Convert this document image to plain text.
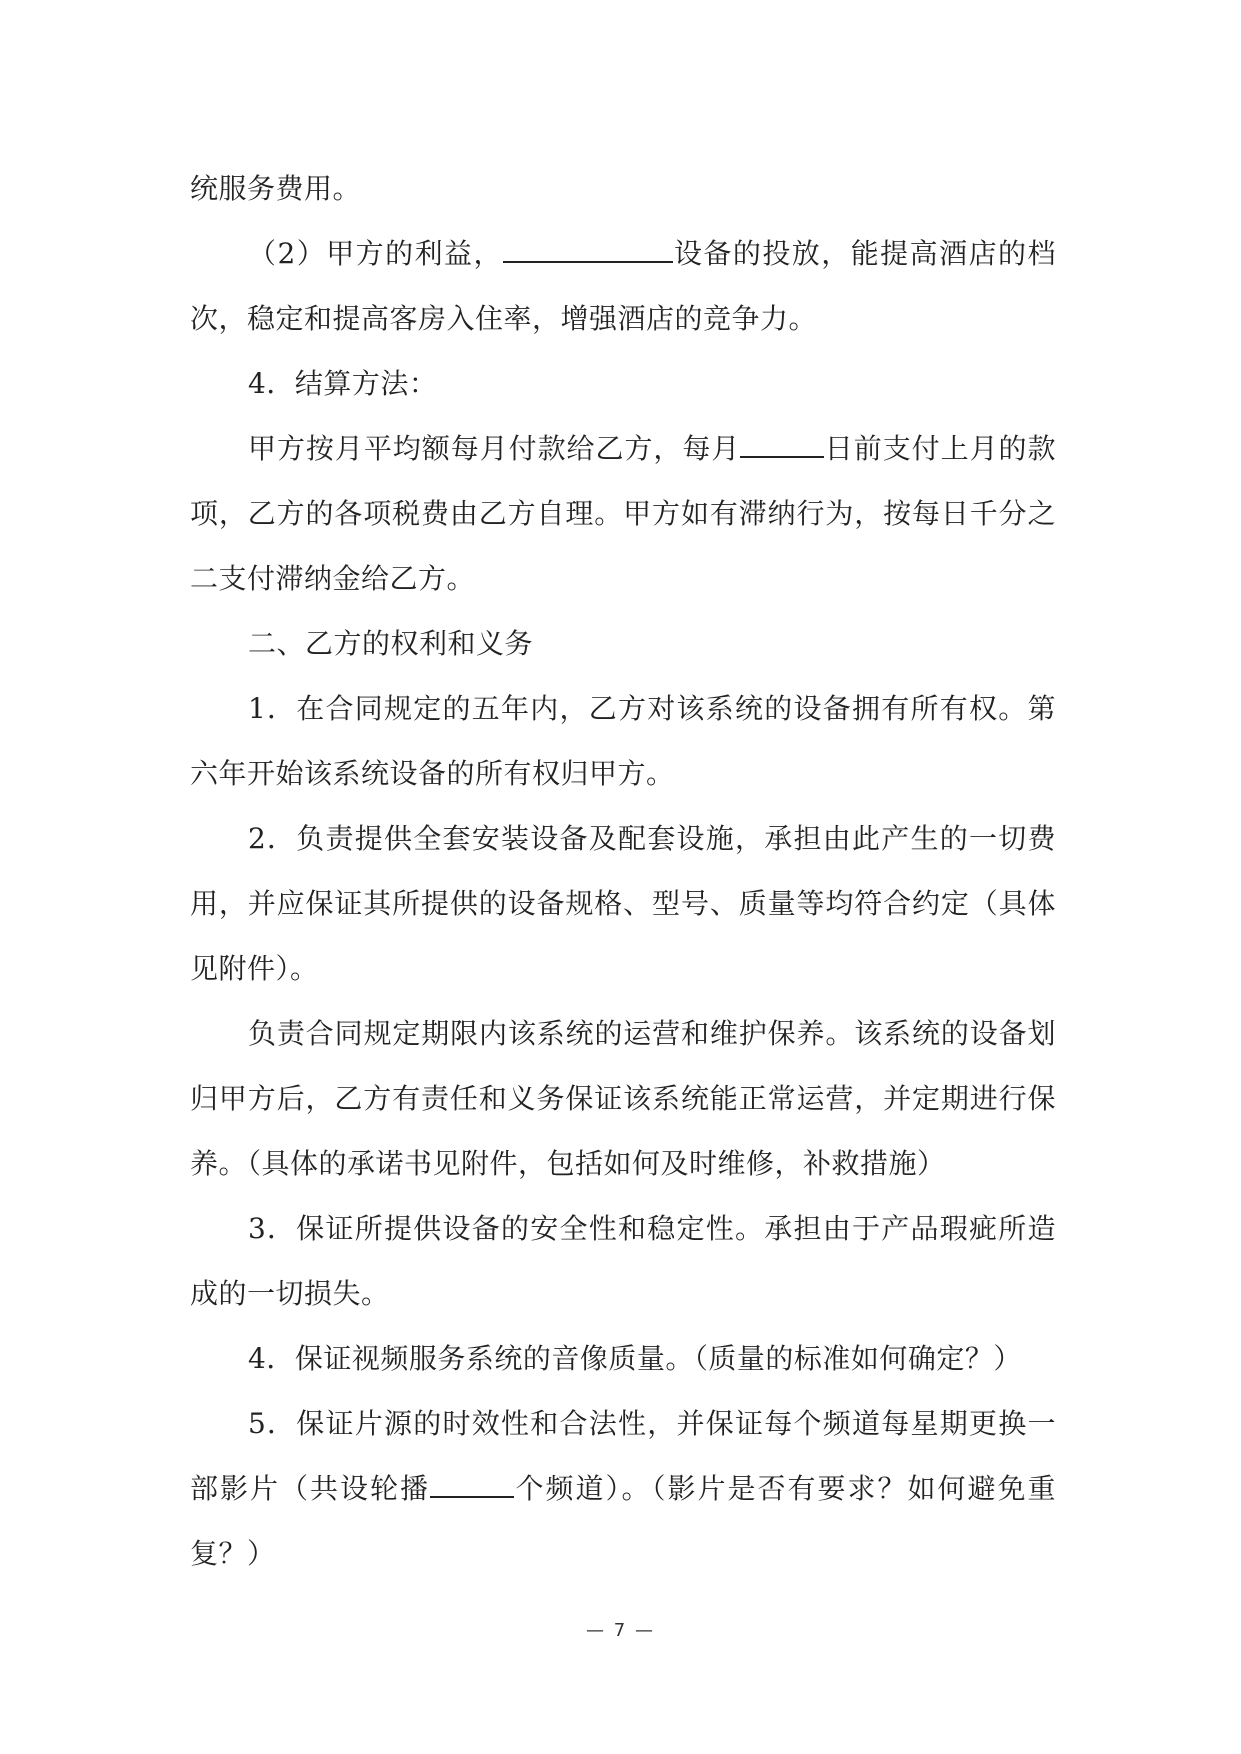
统服务费用。

（2）甲方的利益，	设备的投放，能提高酒店的档次，稳定和提高客房入住率，增强酒店的竞争力。

4．结算方法：

甲方按月平均额每月付款给乙方，每月	日前支付上月的款项，乙方的各项税费由乙方自理。甲方如有滞纳行为，按每日千分之二支付滞纳金给乙方。

二、乙方的权利和义务

1．在合同规定的五年内，乙方对该系统的设备拥有所有权。第六年开始该系统设备的所有权归甲方。

2．负责提供全套安装设备及配套设施，承担由此产生的一切费用，并应保证其所提供的设备规格、型号、质量等均符合约定（具体见附件）。

负责合同规定期限内该系统的运营和维护保养。该系统的设备划归甲方后，乙方有责任和义务保证该系统能正常运营，并定期进行保养。（具体的承诺书见附件，包括如何及时维修，补救措施）

3．保证所提供设备的安全性和稳定性。承担由于产品瑕疵所造成的一切损失。

4．保证视频服务系统的音像质量。（质量的标准如何确定？）

5．保证片源的时效性和合法性，并保证每个频道每星期更换一部影片（共设轮播	个频道）。（影片是否有要求？如何避免重复？）

— 7 —
